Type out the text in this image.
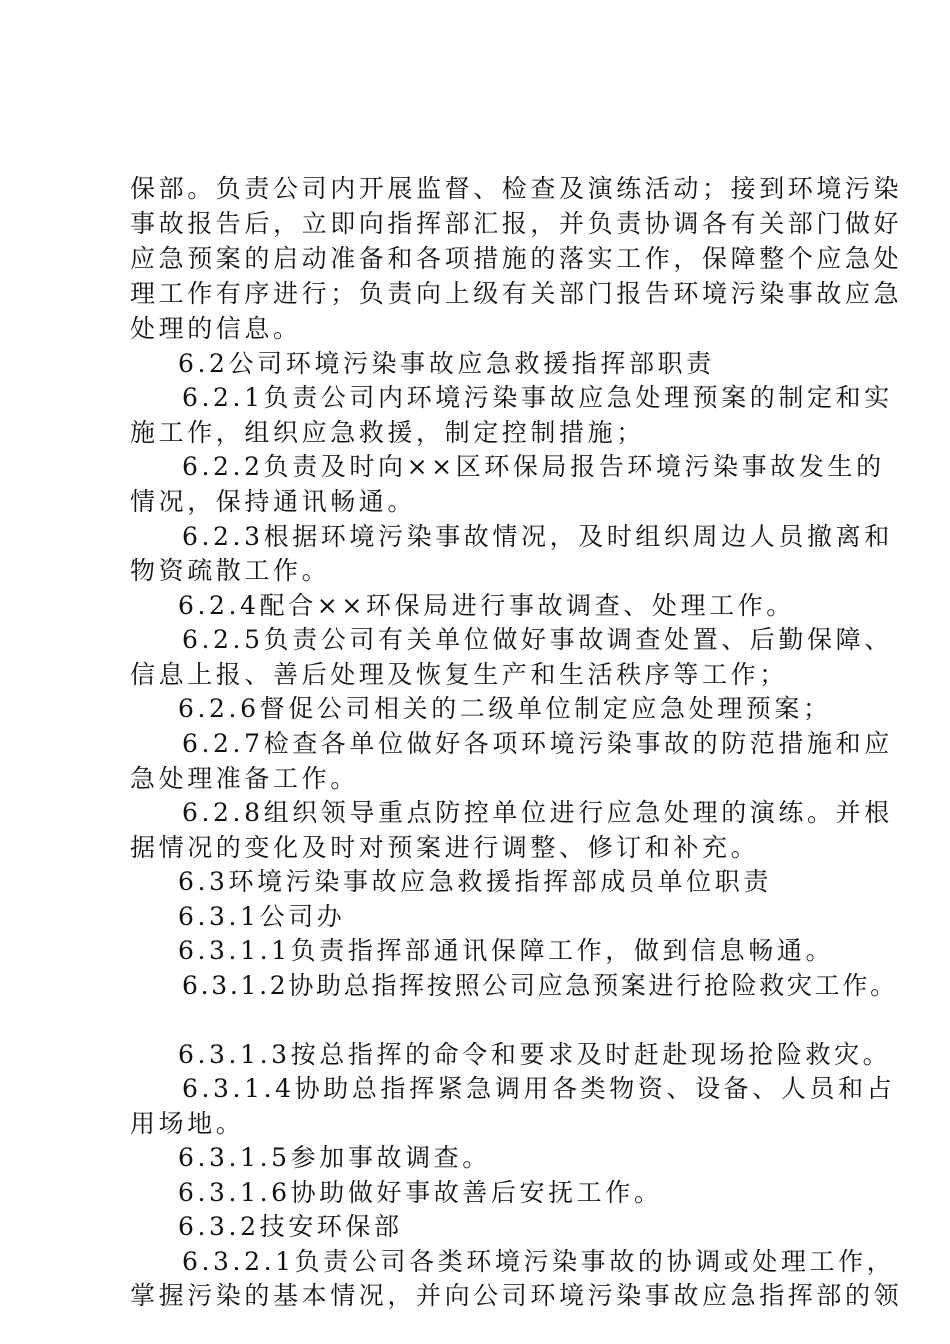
保部。负责公司内开展监督、检查及演练活动；接到环境污染
事故报告后，立即向指挥部汇报，并负责协调各有关部门做好
应急预案的启动准备和各项措施的落实工作，保障整个应急处
理工作有序进行；负责向上级有关部门报告环境污染事故应急
处理的信息。
6.2公司环境污染事故应急救援指挥部职责
6.2.1负责公司内环境污染事故应急处理预案的制定和实
施工作，组织应急救援，制定控制措施；
6.2.2负责及时向××区环保局报告环境污染事故发生的
情况，保持通讯畅通。
6.2.3根据环境污染事故情况，及时组织周边人员撤离和
物资疏散工作。
6.2.4配合××环保局进行事故调查、处理工作。
6.2.5负责公司有关单位做好事故调查处置、后勤保障、
信息上报、善后处理及恢复生产和生活秩序等工作；
6.2.6督促公司相关的二级单位制定应急处理预案；
6.2.7检查各单位做好各项环境污染事故的防范措施和应
急处理准备工作。
6.2.8组织领导重点防控单位进行应急处理的演练。并根
据情况的变化及时对预案进行调整、修订和补充。
6.3环境污染事故应急救援指挥部成员单位职责
6.3.1公司办
6.3.1.1负责指挥部通讯保障工作，做到信息畅通。
6.3.1.2协助总指挥按照公司应急预案进行抢险救灾工作。
6.3.1.3按总指挥的命令和要求及时赶赴现场抢险救灾。
6.3.1.4协助总指挥紧急调用各类物资、设备、人员和占
用场地。
6.3.1.5参加事故调查。
6.3.1.6协助做好事故善后安抚工作。
6.3.2技安环保部
6.3.2.1负责公司各类环境污染事故的协调或处理工作，
掌握污染的基本情况，并向公司环境污染事故应急指挥部的领
